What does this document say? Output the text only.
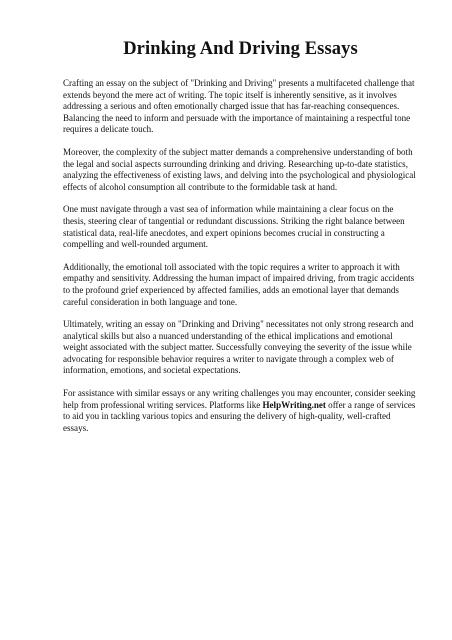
Drinking And Driving Essays

Crafting an essay on the subject of "Drinking and Driving" presents a multifaceted challenge that extends beyond the mere act of writing. The topic itself is inherently sensitive, as it involves addressing a serious and often emotionally charged issue that has far-reaching consequences. Balancing the need to inform and persuade with the importance of maintaining a respectful tone requires a delicate touch.

Moreover, the complexity of the subject matter demands a comprehensive understanding of both the legal and social aspects surrounding drinking and driving. Researching up-to-date statistics, analyzing the effectiveness of existing laws, and delving into the psychological and physiological effects of alcohol consumption all contribute to the formidable task at hand.

One must navigate through a vast sea of information while maintaining a clear focus on the thesis, steering clear of tangential or redundant discussions. Striking the right balance between statistical data, real-life anecdotes, and expert opinions becomes crucial in constructing a compelling and well-rounded argument.

Additionally, the emotional toll associated with the topic requires a writer to approach it with empathy and sensitivity. Addressing the human impact of impaired driving, from tragic accidents to the profound grief experienced by affected families, adds an emotional layer that demands careful consideration in both language and tone.

Ultimately, writing an essay on "Drinking and Driving" necessitates not only strong research and analytical skills but also a nuanced understanding of the ethical implications and emotional weight associated with the subject matter. Successfully conveying the severity of the issue while advocating for responsible behavior requires a writer to navigate through a complex web of information, emotions, and societal expectations.

For assistance with similar essays or any writing challenges you may encounter, consider seeking help from professional writing services. Platforms like HelpWriting.net offer a range of services to aid you in tackling various topics and ensuring the delivery of high-quality, well-crafted essays.
